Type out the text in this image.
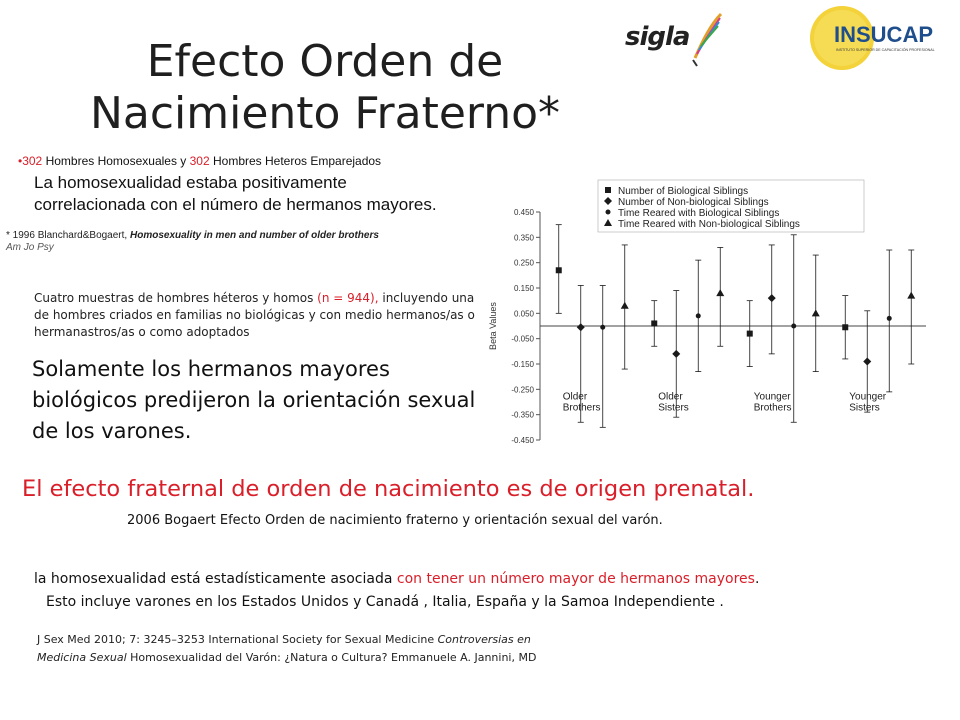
Efecto Orden de Nacimiento Fraterno*
sigla	INSUCAP
INSTITUTO SUPERIOR DE CAPACITACIÓN PROFESIONAL
•302 Hombres Homosexuales y 302 Hombres Heteros Emparejados
La homosexualidad estaba positivamente correlacionada con el número de hermanos mayores.
* 1996 Blanchard&Bogaert, Homosexuality in men and number of older brothers
Am Jo Psy
Cuatro muestras de hombres héteros y homos (n = 944), incluyendo una de hombres criados en familias no biológicas y con medio hermanos/as o hermanastros/as o como adoptados
Solamente los hermanos mayores biológicos predijeron la orientación sexual de los varones.
0.450
0.350
0.250
0.150
0.050
-0.050
-0.150
-0.250
-0.350
-0.450
Beta Values
Number of Biological Siblings
Number of Non-biological Siblings
Time Reared with Biological Siblings
Time Reared with Non-biological Siblings
Older Brothers
Older Sisters
Younger Brothers
Younger Sisters
El efecto fraternal de orden de nacimiento es de origen prenatal.
2006 Bogaert Efecto Orden de nacimiento fraterno y orientación sexual del varón.
la homosexualidad está estadísticamente asociada con tener un número mayor de hermanos mayores.
Esto incluye varones en los Estados Unidos y Canadá , Italia, España y la Samoa Independiente .
J Sex Med 2010; 7: 3245–3253 International Society for Sexual Medicine Controversias en
Medicina Sexual Homosexualidad del Varón: ¿Natura o Cultura? Emmanuele A. Jannini, MD
